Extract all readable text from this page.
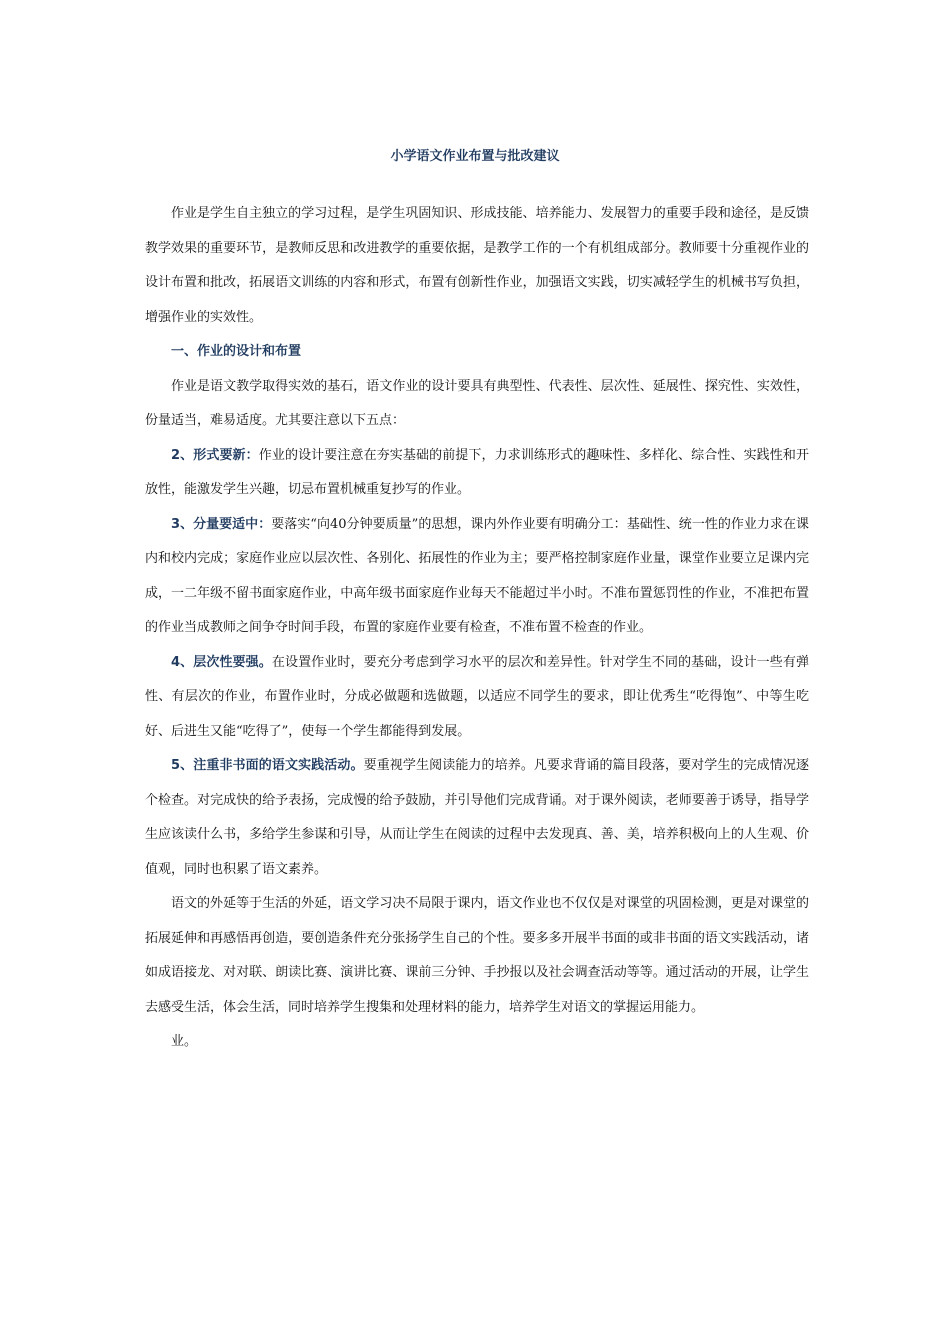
小学语文作业布置与批改建议

作业是学生自主独立的学习过程，是学生巩固知识、形成技能、培养能力、发展智力的重要手段和途径，是反馈教学效果的重要环节，是教师反思和改进教学的重要依据，是教学工作的一个有机组成部分。教师要十分重视作业的设计布置和批改，拓展语文训练的内容和形式，布置有创新性作业，加强语文实践，切实减轻学生的机械书写负担，增强作业的实效性。

一、作业的设计和布置

作业是语文教学取得实效的基石，语文作业的设计要具有典型性、代表性、层次性、延展性、探究性、实效性，份量适当，难易适度。尤其要注意以下五点：

2、形式要新：作业的设计要注意在夯实基础的前提下，力求训练形式的趣味性、多样化、综合性、实践性和开放性，能激发学生兴趣，切忌布置机械重复抄写的作业。

3、分量要适中：要落实“向40分钟要质量”的思想，课内外作业要有明确分工：基础性、统一性的作业力求在课内和校内完成；家庭作业应以层次性、各别化、拓展性的作业为主；要严格控制家庭作业量，课堂作业要立足课内完成，一二年级不留书面家庭作业，中高年级书面家庭作业每天不能超过半小时。不准布置惩罚性的作业，不准把布置的作业当成教师之间争夺时间手段，布置的家庭作业要有检查，不准布置不检查的作业。

4、层次性要强。在设置作业时，要充分考虑到学习水平的层次和差异性。针对学生不同的基础，设计一些有弹性、有层次的作业，布置作业时，分成必做题和选做题，以适应不同学生的要求，即让优秀生“吃得饱”、中等生吃好、后进生又能“吃得了”，使每一个学生都能得到发展。

5、注重非书面的语文实践活动。要重视学生阅读能力的培养。凡要求背诵的篇目段落，要对学生的完成情况逐个检查。对完成快的给予表扬，完成慢的给予鼓励，并引导他们完成背诵。对于课外阅读，老师要善于诱导，指导学生应该读什么书，多给学生参谋和引导，从而让学生在阅读的过程中去发现真、善、美，培养积极向上的人生观、价值观，同时也积累了语文素养。

语文的外延等于生活的外延，语文学习决不局限于课内，语文作业也不仅仅是对课堂的巩固检测，更是对课堂的拓展延伸和再感悟再创造，要创造条件充分张扬学生自己的个性。要多多开展半书面的或非书面的语文实践活动，诸如成语接龙、对对联、朗读比赛、演讲比赛、课前三分钟、手抄报以及社会调查活动等等。通过活动的开展，让学生去感受生活，体会生活，同时培养学生搜集和处理材料的能力，培养学生对语文的掌握运用能力。

业。
